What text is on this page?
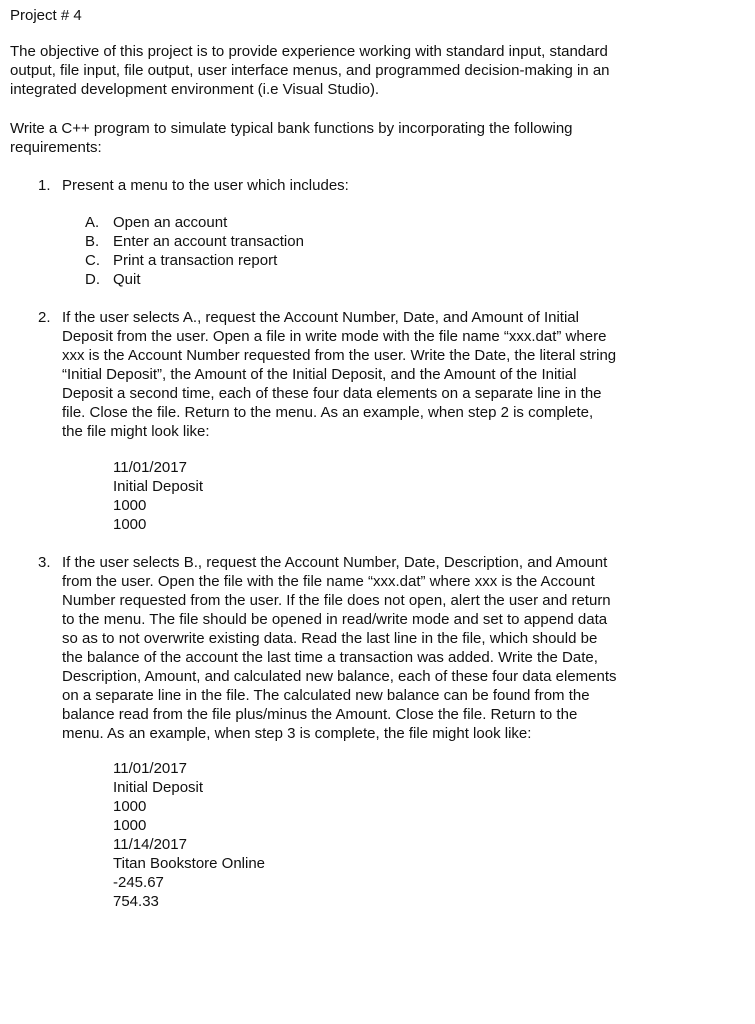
Project # 4

The objective of this project is to provide experience working with standard input, standard

output, file input, file output, user interface menus, and programmed decision-making in an

integrated development environment (i.e Visual Studio).

Write a C++ program to simulate typical bank functions by incorporating the following

requirements:

1. Present a menu to the user which includes:
A. Open an account
B. Enter an account transaction
C. Print a transaction report
D. Quit
2. If the user selects A., request the Account Number, Date, and Amount of Initial

Deposit from the user. Open a file in write mode with the file name “xxx.dat” where

xxx is the Account Number requested from the user. Write the Date, the literal string

“Initial Deposit”, the Amount of the Initial Deposit, and the Amount of the Initial

Deposit a second time, each of these four data elements on a separate line in the

file. Close the file. Return to the menu. As an example, when step 2 is complete,

the file might look like:

11/01/2017

Initial Deposit

1000

1000

3. If the user selects B., request the Account Number, Date, Description, and Amount

from the user. Open the file with the file name “xxx.dat” where xxx is the Account

Number requested from the user. If the file does not open, alert the user and return

to the menu. The file should be opened in read/write mode and set to append data

so as to not overwrite existing data. Read the last line in the file, which should be

the balance of the account the last time a transaction was added. Write the Date,

Description, Amount, and calculated new balance, each of these four data elements

on a separate line in the file. The calculated new balance can be found from the

balance read from the file plus/minus the Amount. Close the file. Return to the

menu. As an example, when step 3 is complete, the file might look like:

11/01/2017

Initial Deposit

1000

1000

11/14/2017

Titan Bookstore Online

-245.67

754.33
